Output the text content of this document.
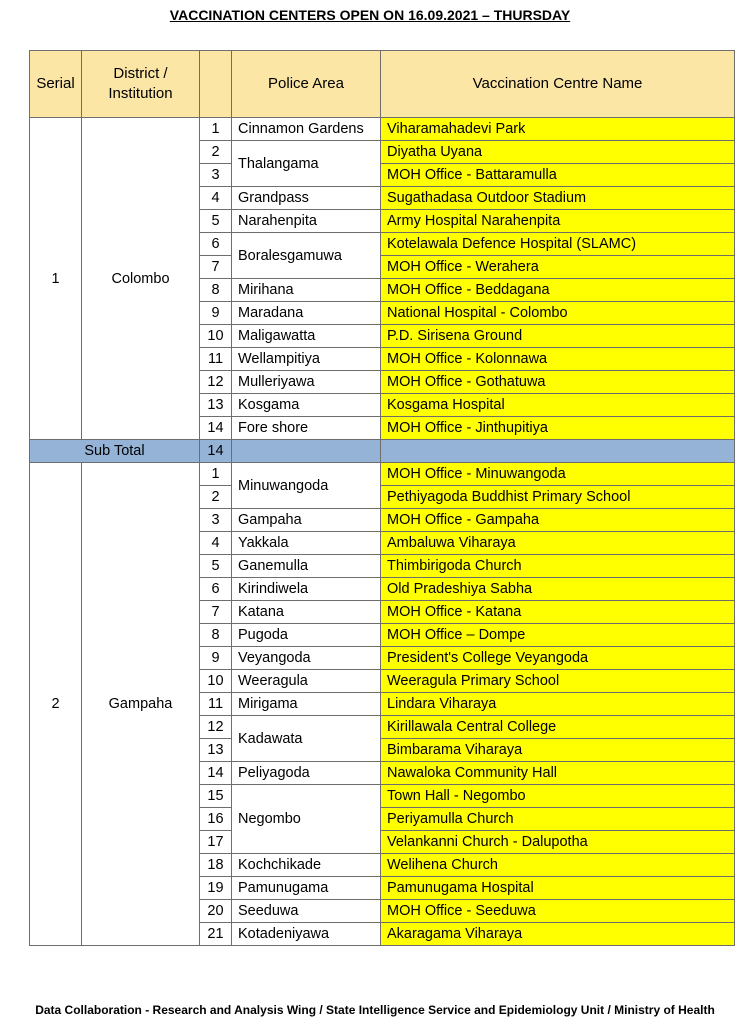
VACCINATION CENTERS OPEN ON 16.09.2021 – THURSDAY
Serial	District / Institution		Police Area	Vaccination Centre Name
1	Colombo	1	Cinnamon Gardens	Viharamahadevi Park
		2	Thalangama	Diyatha Uyana
		3		MOH Office - Battaramulla
		4	Grandpass	Sugathadasa Outdoor Stadium
		5	Narahenpita	Army Hospital Narahenpita
		6	Boralesgamuwa	Kotelawala Defence Hospital (SLAMC)
		7		MOH Office - Werahera
		8	Mirihana	MOH Office - Beddagana
		9	Maradana	National Hospital - Colombo
		10	Maligawatta	P.D. Sirisena Ground
		11	Wellampitiya	MOH Office - Kolonnawa
		12	Mulleriyawa	MOH Office - Gothatuwa
		13	Kosgama	Kosgama Hospital
		14	Fore shore	MOH Office - Jinthupitiya
Sub Total		14		
2	Gampaha	1	Minuwangoda	MOH Office - Minuwangoda
		2		Pethiyagoda Buddhist Primary School
		3	Gampaha	MOH Office - Gampaha
		4	Yakkala	Ambaluwa Viharaya
		5	Ganemulla	Thimbirigoda Church
		6	Kirindiwela	Old Pradeshiya Sabha
		7	Katana	MOH Office - Katana
		8	Pugoda	MOH Office – Dompe
		9	Veyangoda	President's College Veyangoda
		10	Weeragula	Weeragula Primary School
		11	Mirigama	Lindara Viharaya
		12	Kadawata	Kirillawala Central College
		13		Bimbarama Viharaya
		14	Peliyagoda	Nawaloka Community Hall
		15	Negombo	Town Hall - Negombo
		16		Periyamulla Church
		17		Velankanni Church - Dalupotha
		18	Kochchikade	Welihena Church
		19	Pamunugama	Pamunugama Hospital
		20	Seeduwa	MOH Office - Seeduwa
		21	Kotadeniyawa	Akaragama Viharaya
Data Collaboration - Research and Analysis Wing / State Intelligence Service and Epidemiology Unit / Ministry of Health
